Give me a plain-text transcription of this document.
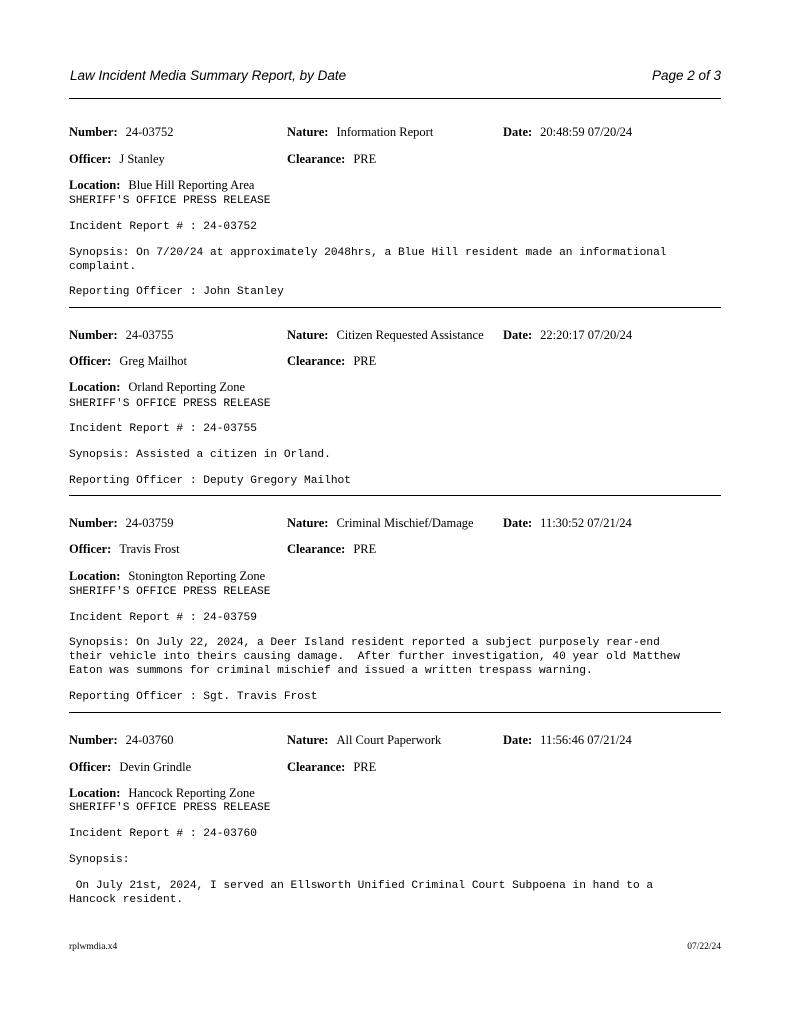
Law Incident Media Summary Report, by Date	Page 2 of 3
Number: 24-03752	Nature: Information Report	Date: 20:48:59 07/20/24
Officer: J Stanley	Clearance: PRE
Location: Blue Hill Reporting Area
SHERIFF'S OFFICE PRESS RELEASE
Incident Report # : 24-03752
Synopsis: On 7/20/24 at approximately 2048hrs, a Blue Hill resident made an informational
complaint.
Reporting Officer : John Stanley
Number: 24-03755	Nature: Citizen Requested Assistance Date: 22:20:17 07/20/24
Officer: Greg Mailhot	Clearance: PRE
Location: Orland Reporting Zone
SHERIFF'S OFFICE PRESS RELEASE
Incident Report # : 24-03755
Synopsis: Assisted a citizen in Orland.
Reporting Officer : Deputy Gregory Mailhot
Number: 24-03759	Nature: Criminal Mischief/Damage Date: 11:30:52 07/21/24
Officer: Travis Frost	Clearance: PRE
Location: Stonington Reporting Zone
SHERIFF'S OFFICE PRESS RELEASE
Incident Report # : 24-03759
Synopsis: On July 22, 2024, a Deer Island resident reported a subject purposely rear-end
their vehicle into theirs causing damage.  After further investigation, 40 year old Matthew
Eaton was summons for criminal mischief and issued a written trespass warning.
Reporting Officer : Sgt. Travis Frost
Number: 24-03760	Nature: All Court Paperwork	Date: 11:56:46 07/21/24
Officer: Devin Grindle	Clearance: PRE
Location: Hancock Reporting Zone
SHERIFF'S OFFICE PRESS RELEASE
Incident Report # : 24-03760
Synopsis:
On July 21st, 2024, I served an Ellsworth Unified Criminal Court Subpoena in hand to a
Hancock resident.
rplwmdia.x4	07/22/24
